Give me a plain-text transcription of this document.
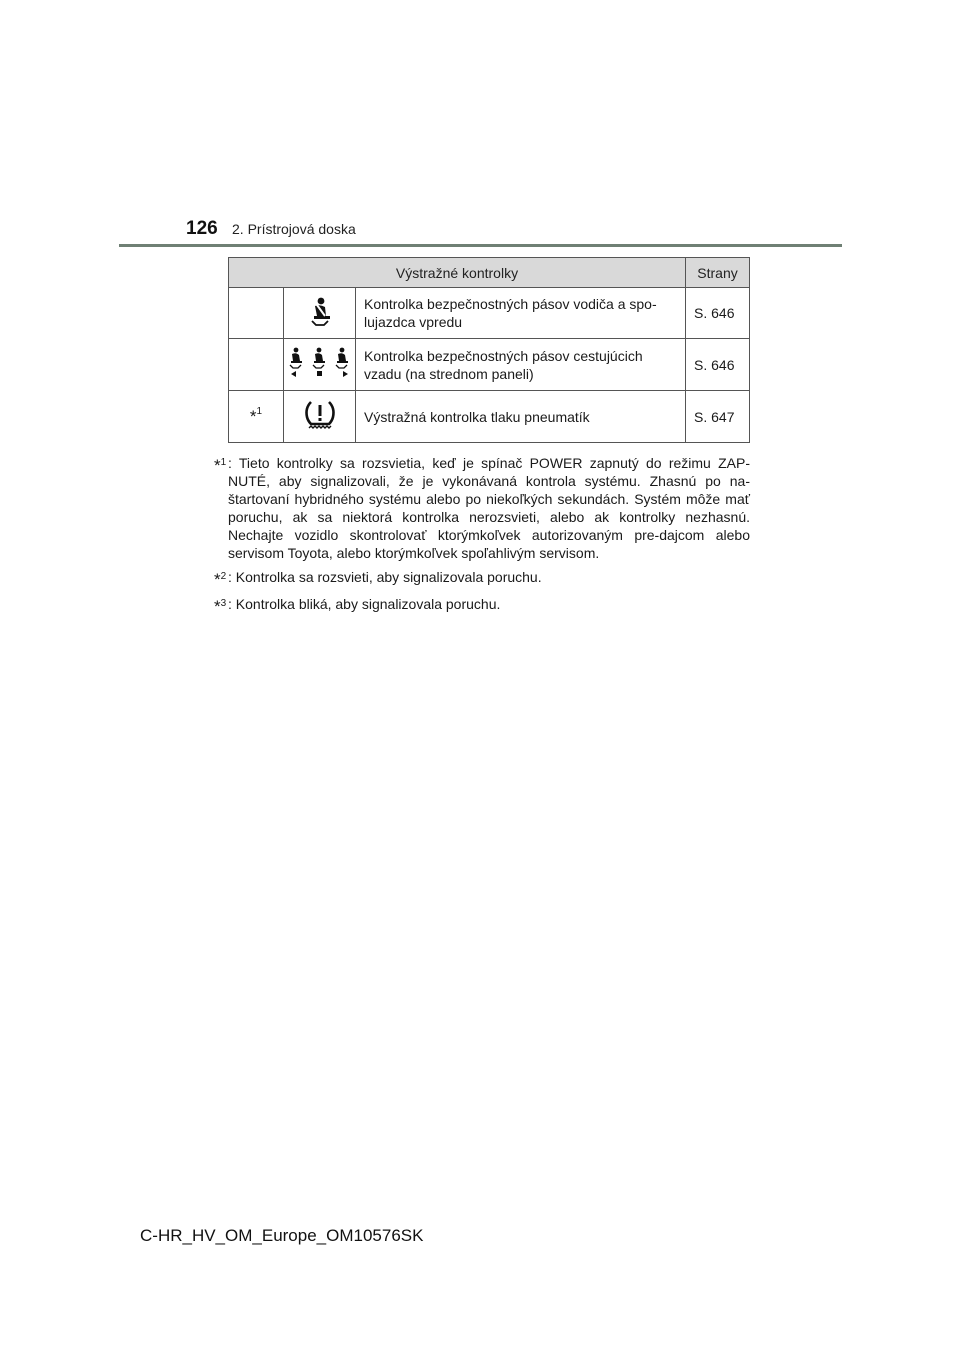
126 2. Prístrojová doska
Výstražné kontrolky			Strany
		Kontrolka bezpečnostných pásov vodiča a spo-lujazdca vpredu	S. 646
		Kontrolka bezpečnostných pásov cestujúcich vzadu (na strednom paneli)	S. 646
*$^1$		Výstražná kontrolka tlaku pneumatík	S. 647
*$^1$ : Tieto kontrolky sa rozsvietia, keď je spínač POWER zapnutý do režimu ZAP-NUTÉ, aby signalizovali, že je vykonávaná kontrola systému. Zhasnú po na-štartovaní hybridného systému alebo po niekoľkých sekundách. Systém môže mať poruchu, ak sa niektorá kontrolka nerozsvieti, alebo ak kontrolky nezhasnú. Nechajte vozidlo skontrolovať ktorýmkoľvek autorizovaným pre-dajcom alebo servisom Toyota, alebo ktorýmkoľvek spoľahlivým servisom.
*$^2$ : Kontrolka sa rozsvieti, aby signalizovala poruchu.
*$^3$ : Kontrolka bliká, aby signalizovala poruchu.
C-HR_HV_OM_Europe_OM10576SK
